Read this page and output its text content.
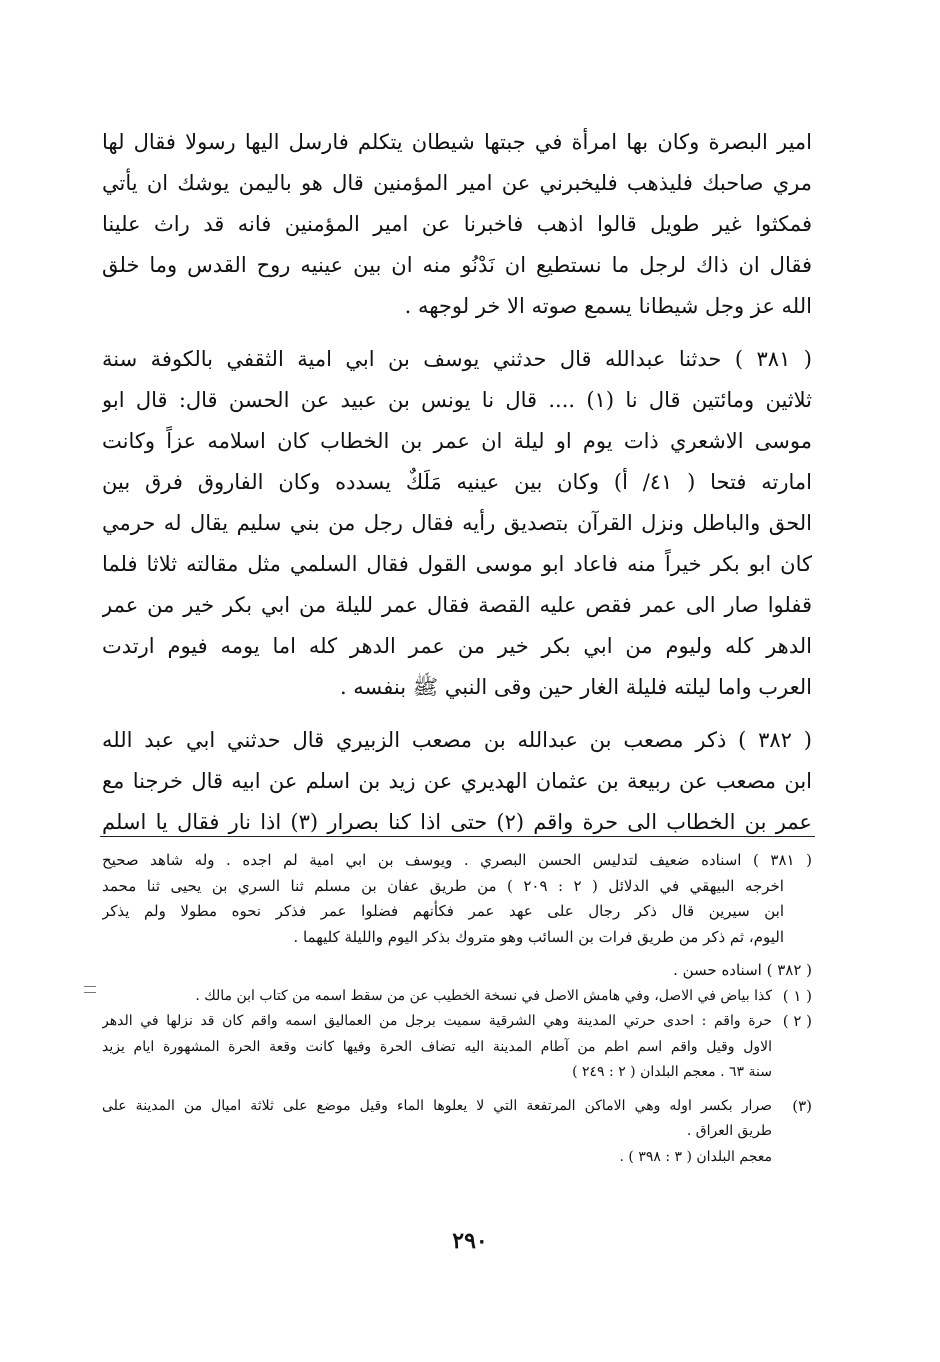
امير البصرة وكان بها امرأة في جبتها شيطان يتكلم فارسل اليها رسولا فقال لها
مري صاحبك فليذهب فليخبرني عن امير المؤمنين قال هو باليمن يوشك ان يأتي
فمكثوا غير طويل قالوا اذهب فاخبرنا عن امير المؤمنين فانه قد راث علينا
فقال ان ذاك لرجل ما نستطيع ان نَدْنُو منه ان بين عينيه روح القدس وما خلق
الله عز وجل شيطانا يسمع صوته الا خر لوجهه .
( ٣٨١ ) حدثنا عبدالله قال حدثني يوسف بن ابي امية الثقفي بالكوفة سنة
ثلاثين ومائتين قال نا (١) .... قال نا يونس بن عبيد عن الحسن قال: قال ابو
موسى الاشعري ذات يوم او ليلة ان عمر بن الخطاب كان اسلامه عزاً وكانت
امارته فتحا ( ٤١/ أ) وكان بين عينيه مَلَكٌ يسدده وكان الفاروق فرق بين
الحق والباطل ونزل القرآن بتصديق رأيه فقال رجل من بني سليم يقال له حرمي
كان ابو بكر خيراً منه فاعاد ابو موسى القول فقال السلمي مثل مقالته ثلاثا فلما
قفلوا صار الى عمر فقص عليه القصة فقال عمر لليلة من ابي بكر خير من عمر
الدهر كله وليوم من ابي بكر خير من عمر الدهر كله اما يومه فيوم ارتدت
العرب واما ليلته فليلة الغار حين وقى النبي ﷺ بنفسه .
( ٣٨٢ ) ذكر مصعب بن عبدالله بن مصعب الزبيري قال حدثني ابي عبد الله
ابن مصعب عن ربيعة بن عثمان الهديري عن زيد بن اسلم عن ابيه قال خرجنا مع
عمر بن الخطاب الى حرة واقم (٢) حتى اذا كنا بصرار (٣) اذا نار فقال يا اسلم
( ٣٨١ ) اسناده ضعيف لتدليس الحسن البصري . ويوسف بن ابي امية لم اجده . وله شاهد صحيح
اخرجه البيهقي في الدلائل ( ٢ : ٢٠٩ ) من طريق عفان بن مسلم ثنا السري بن يحيى ثنا محمد
ابن سيرين قال ذكر رجال على عهد عمر فكأنهم فضلوا عمر فذكر نحوه مطولا ولم يذكر
اليوم، ثم ذكر من طريق فرات بن السائب وهو متروك بذكر اليوم والليلة كليهما .
( ٣٨٢ ) اسناده حسن .
( ١ )
كذا بياض في الاصل، وفي هامش الاصل في نسخة الخطيب عن من سقط اسمه من كتاب ابن مالك .
( ٢ )
حرة واقم : احدى حرتي المدينة وهي الشرقية سميت برجل من العماليق اسمه واقم كان قد نزلها في الدهر
الاول وقيل واقم اسم اطم من آطام المدينة اليه تضاف الحرة وفيها كانت وقعة الحرة المشهورة ايام يزيد
سنة ٦٣ . معجم البلدان ( ٢ : ٢٤٩ )
(٣)
صرار بكسر اوله وهي الاماكن المرتفعة التي لا يعلوها الماء وقيل موضع على ثلاثة اميال من المدينة على
طريق العراق .
معجم البلدان ( ٣ : ٣٩٨ ) .
٢٩٠
